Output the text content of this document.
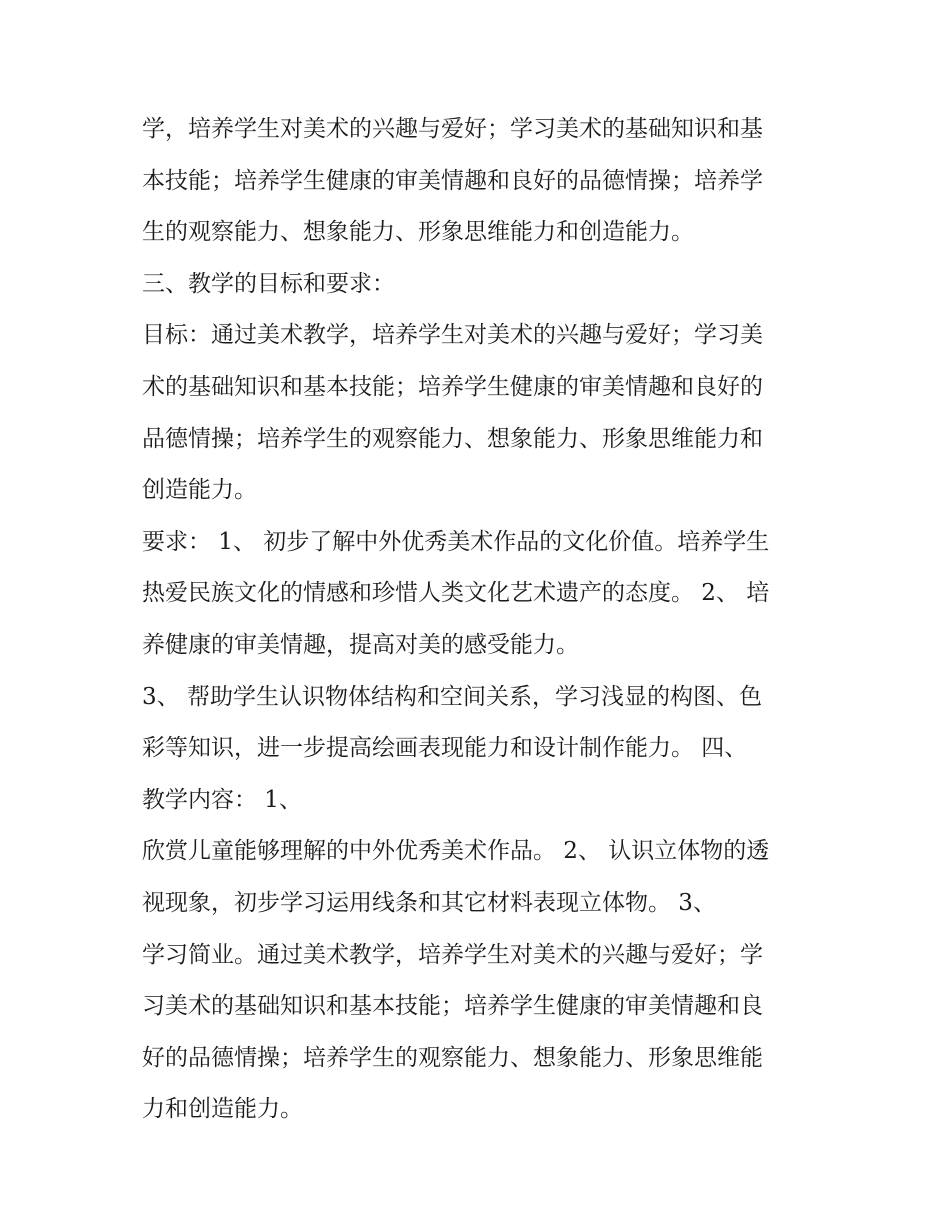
学，培养学生对美术的兴趣与爱好；学习美术的基础知识和基
本技能；培养学生健康的审美情趣和良好的品德情操；培养学
生的观察能力、想象能力、形象思维能力和创造能力。
三、教学的目标和要求：
目标：通过美术教学，培养学生对美术的兴趣与爱好；学习美
术的基础知识和基本技能；培养学生健康的审美情趣和良好的
品德情操；培养学生的观察能力、想象能力、形象思维能力和
创造能力。
要求： 1、 初步了解中外优秀美术作品的文化价值。培养学生
热爱民族文化的情感和珍惜人类文化艺术遗产的态度。 2、 培
养健康的审美情趣，提高对美的感受能力。
3、 帮助学生认识物体结构和空间关系，学习浅显的构图、色
彩等知识，进一步提高绘画表现能力和设计制作能力。 四、
教学内容： 1、
欣赏儿童能够理解的中外优秀美术作品。 2、 认识立体物的透
视现象，初步学习运用线条和其它材料表现立体物。 3、
学习简业。通过美术教学，培养学生对美术的兴趣与爱好；学
习美术的基础知识和基本技能；培养学生健康的审美情趣和良
好的品德情操；培养学生的观察能力、想象能力、形象思维能
力和创造能力。
